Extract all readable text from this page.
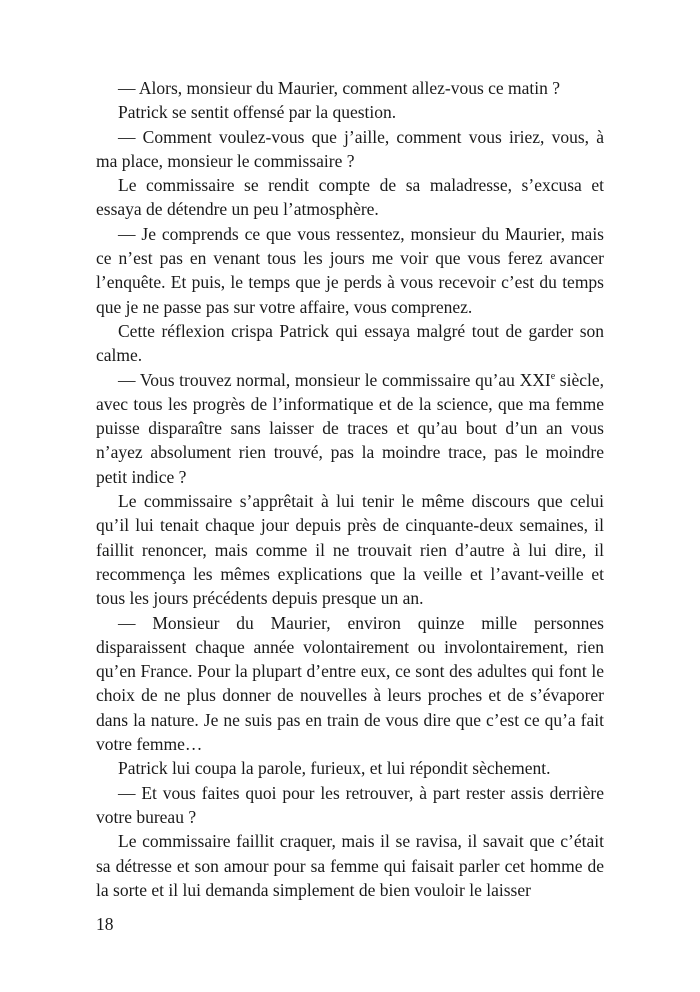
— Alors, monsieur du Maurier, comment allez-vous ce matin ?

Patrick se sentit offensé par la question.

— Comment voulez-vous que j’aille, comment vous iriez, vous, à ma place, monsieur le commissaire ?

Le commissaire se rendit compte de sa maladresse, s’excusa et essaya de détendre un peu l’atmosphère.

— Je comprends ce que vous ressentez, monsieur du Maurier, mais ce n’est pas en venant tous les jours me voir que vous ferez avancer l’enquête. Et puis, le temps que je perds à vous recevoir c’est du temps que je ne passe pas sur votre affaire, vous comprenez.

Cette réflexion crispa Patrick qui essaya malgré tout de garder son calme.

— Vous trouvez normal, monsieur le commissaire qu’au XXIe siècle, avec tous les progrès de l’informatique et de la science, que ma femme puisse disparaître sans laisser de traces et qu’au bout d’un an vous n’ayez absolument rien trouvé, pas la moindre trace, pas le moindre petit indice ?

Le commissaire s’apprêtait à lui tenir le même discours que celui qu’il lui tenait chaque jour depuis près de cinquante-deux semaines, il faillit renoncer, mais comme il ne trouvait rien d’autre à lui dire, il recommença les mêmes explications que la veille et l’avant-veille et tous les jours précédents depuis presque un an.

— Monsieur du Maurier, environ quinze mille personnes disparaissent chaque année volontairement ou involontairement, rien qu’en France. Pour la plupart d’entre eux, ce sont des adultes qui font le choix de ne plus donner de nouvelles à leurs proches et de s’évaporer dans la nature. Je ne suis pas en train de vous dire que c’est ce qu’a fait votre femme…

Patrick lui coupa la parole, furieux, et lui répondit sèchement.

— Et vous faites quoi pour les retrouver, à part rester assis derrière votre bureau ?

Le commissaire faillit craquer, mais il se ravisa, il savait que c’était sa détresse et son amour pour sa femme qui faisait parler cet homme de la sorte et il lui demanda simplement de bien vouloir le laisser

18
